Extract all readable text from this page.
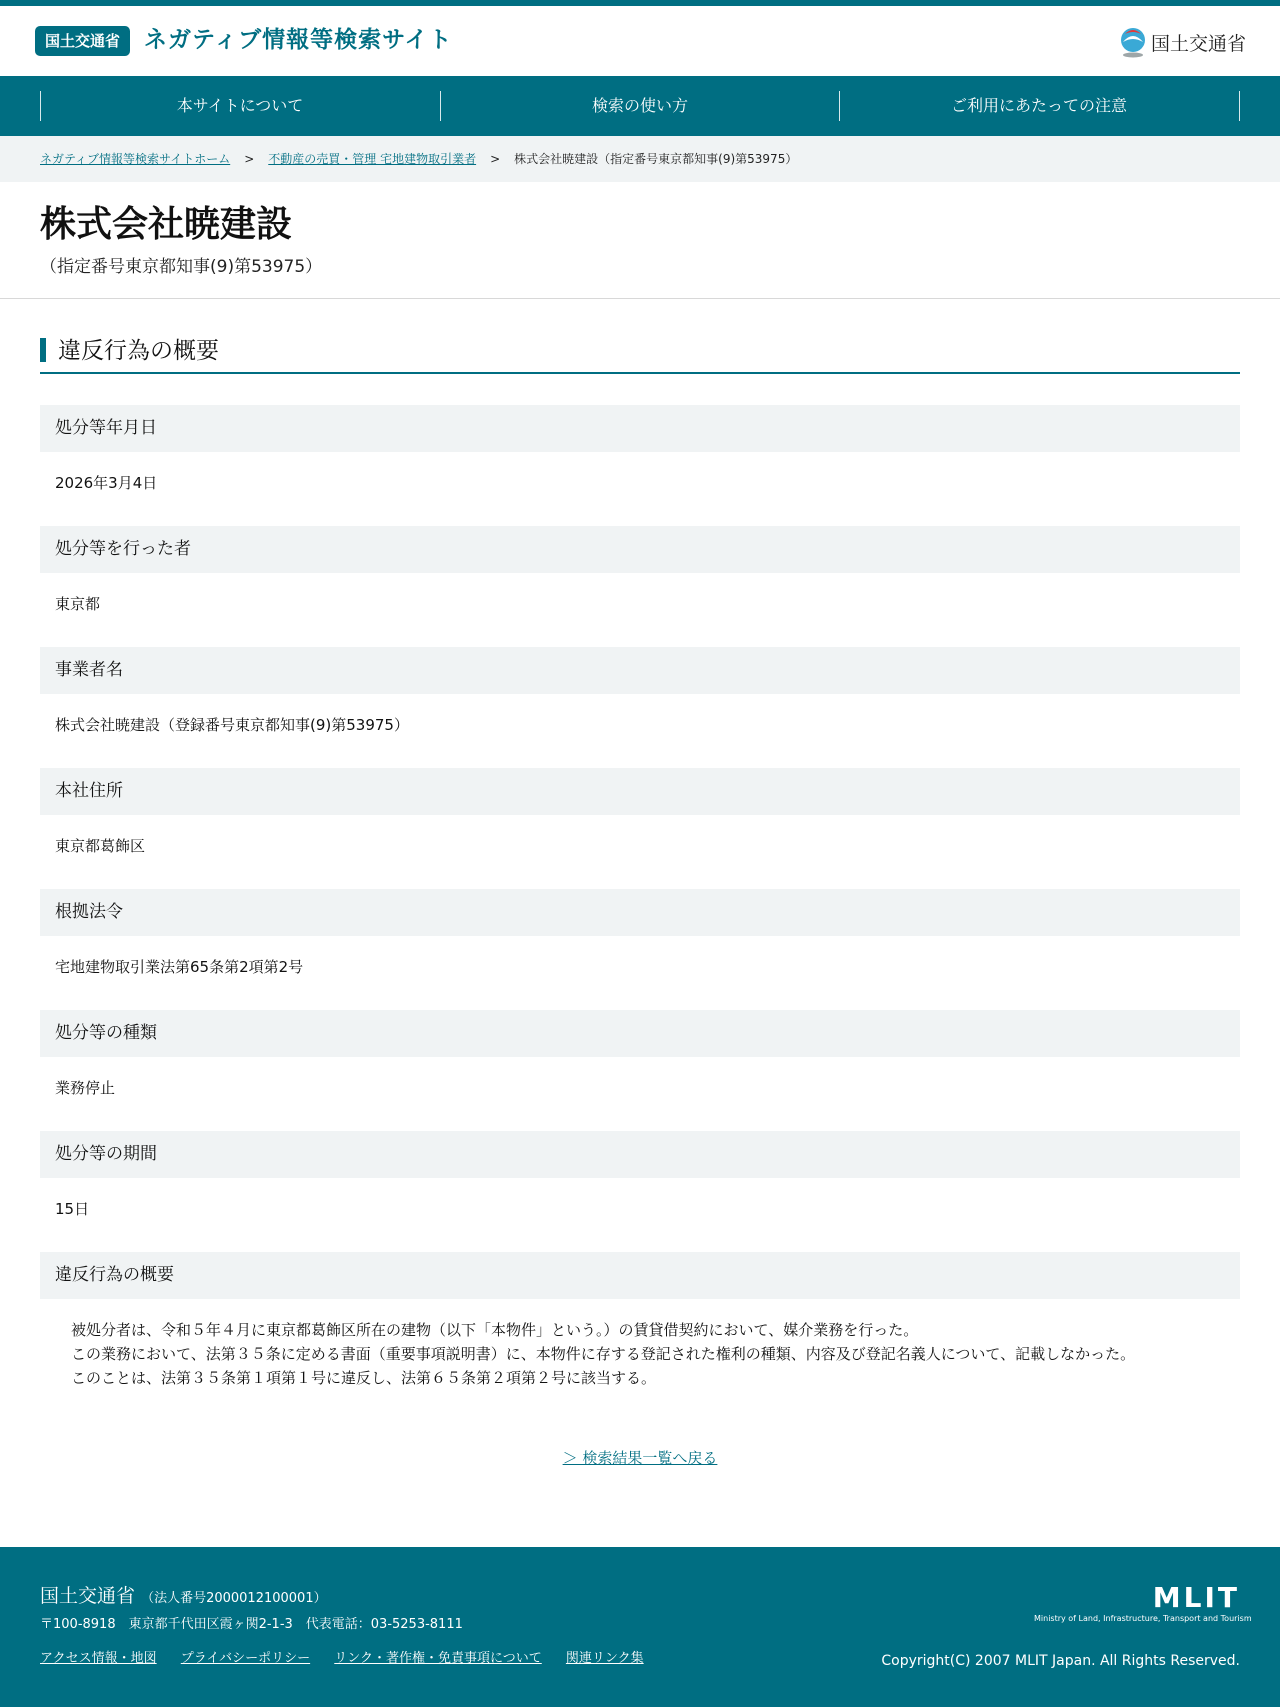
国土交通省	ネガティブ情報等検索サイト	国土交通省
本サイトについて	検索の使い方	ご利用にあたっての注意
ネガティブ情報等検索サイトホーム > 不動産の売買・管理 宅地建物取引業者 > 株式会社暁建設（指定番号東京都知事(9)第53975）
株式会社暁建設
（指定番号東京都知事(9)第53975）
違反行為の概要
処分等年月日
2026年3月4日
処分等を行った者
東京都
事業者名
株式会社暁建設（登録番号東京都知事(9)第53975）
本社住所
東京都葛飾区
根拠法令
宅地建物取引業法第65条第2項第2号
処分等の種類
業務停止
処分等の期間
15日
違反行為の概要
被処分者は、令和５年４月に東京都葛飾区所在の建物（以下「本物件」という。）の賃貸借契約において、媒介業務を行った。
この業務において、法第３５条に定める書面（重要事項説明書）に、本物件に存する登記された権利の種類、内容及び登記名義人について、記載しなかった。
このことは、法第３５条第１項第１号に違反し、法第６５条第２項第２号に該当する。
＞ 検索結果一覧へ戻る
国土交通省 （法人番号2000012100001）
〒100-8918　東京都千代田区霞ヶ関2-1-3　代表電話：03-5253-8111
アクセス情報・地図 プライバシーポリシー リンク・著作権・免責事項について 関連リンク集
MLIT
Ministry of Land, Infrastructure, Transport and Tourism
Copyright(C) 2007 MLIT Japan. All Rights Reserved.
